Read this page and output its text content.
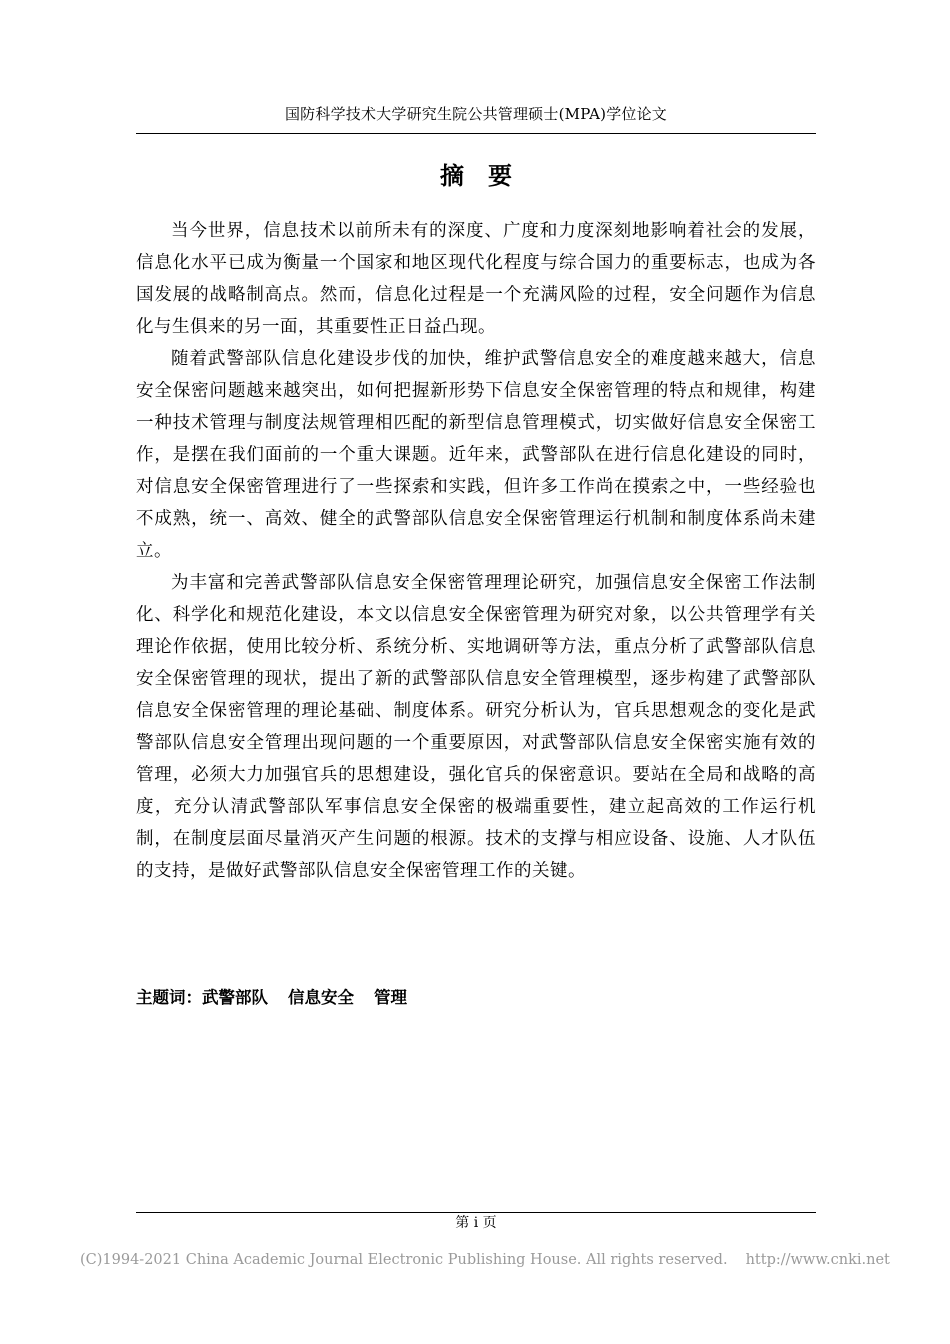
国防科学技术大学研究生院公共管理硕士(MPA)学位论文
摘　要

当今世界，信息技术以前所未有的深度、广度和力度深刻地影响着社会的发展，信息化水平已成为衡量一个国家和地区现代化程度与综合国力的重要标志，也成为各国发展的战略制高点。然而，信息化过程是一个充满风险的过程，安全问题作为信息化与生俱来的另一面，其重要性正日益凸现。

随着武警部队信息化建设步伐的加快，维护武警信息安全的难度越来越大，信息安全保密问题越来越突出，如何把握新形势下信息安全保密管理的特点和规律，构建一种技术管理与制度法规管理相匹配的新型信息管理模式，切实做好信息安全保密工作，是摆在我们面前的一个重大课题。近年来，武警部队在进行信息化建设的同时，对信息安全保密管理进行了一些探索和实践，但许多工作尚在摸索之中，一些经验也不成熟，统一、高效、健全的武警部队信息安全保密管理运行机制和制度体系尚未建立。

为丰富和完善武警部队信息安全保密管理理论研究，加强信息安全保密工作法制化、科学化和规范化建设，本文以信息安全保密管理为研究对象，以公共管理学有关理论作依据，使用比较分析、系统分析、实地调研等方法，重点分析了武警部队信息安全保密管理的现状，提出了新的武警部队信息安全管理模型，逐步构建了武警部队信息安全保密管理的理论基础、制度体系。研究分析认为，官兵思想观念的变化是武警部队信息安全管理出现问题的一个重要原因，对武警部队信息安全保密实施有效的管理，必须大力加强官兵的思想建设，强化官兵的保密意识。要站在全局和战略的高度，充分认清武警部队军事信息安全保密的极端重要性，建立起高效的工作运行机制，在制度层面尽量消灭产生问题的根源。技术的支撑与相应设备、设施、人才队伍的支持，是做好武警部队信息安全保密管理工作的关键。

主题词：武警部队 信息安全 管理
第 i 页
(C)1994-2021 China Academic Journal Electronic Publishing House. All rights reserved. http://www.cnki.net
